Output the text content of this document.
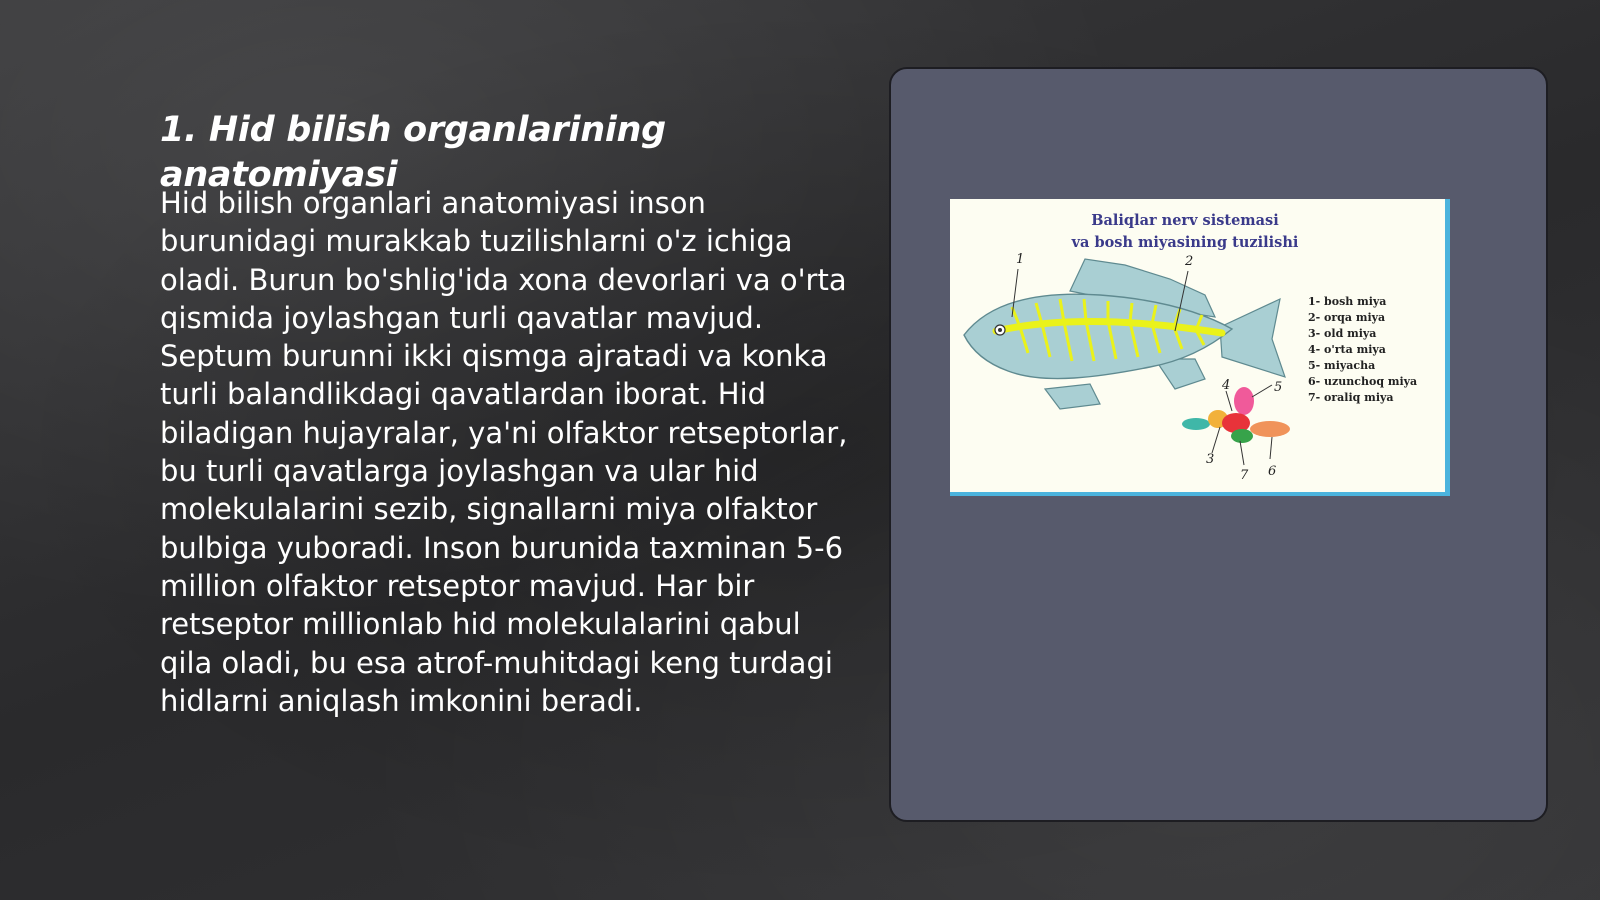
1. Hid bilish organlarining anatomiyasi

Hid bilish organlari anatomiyasi inson burunidagi murakkab tuzilishlarni o'z ichiga oladi. Burun bo'shlig'ida xona devorlari va o'rta qismida joylashgan turli qavatlar mavjud. Septum burunni ikki qismga ajratadi va konka turli balandlikdagi qavatlardan iborat. Hid biladigan hujayralar, ya'ni olfaktor retseptorlar, bu turli qavatlarga joylashgan va ular hid molekulalarini sezib, signallarni miya olfaktor bulbiga yuboradi. Inson burunida taxminan 5-6 million olfaktor retseptor mavjud. Har bir retseptor millionlab hid molekulalarini qabul qila oladi, bu esa atrof-muhitdagi keng turdagi hidlarni aniqlash imkonini beradi.

Baliqlar nerv sistemasi
va bosh miyasining tuzilishi
1	2
3
4	5
6
7
1- bosh miya
2- orqa miya
3- old miya
4- o'rta miya
5- miyacha
6- uzunchoq miya
7- oraliq miya
